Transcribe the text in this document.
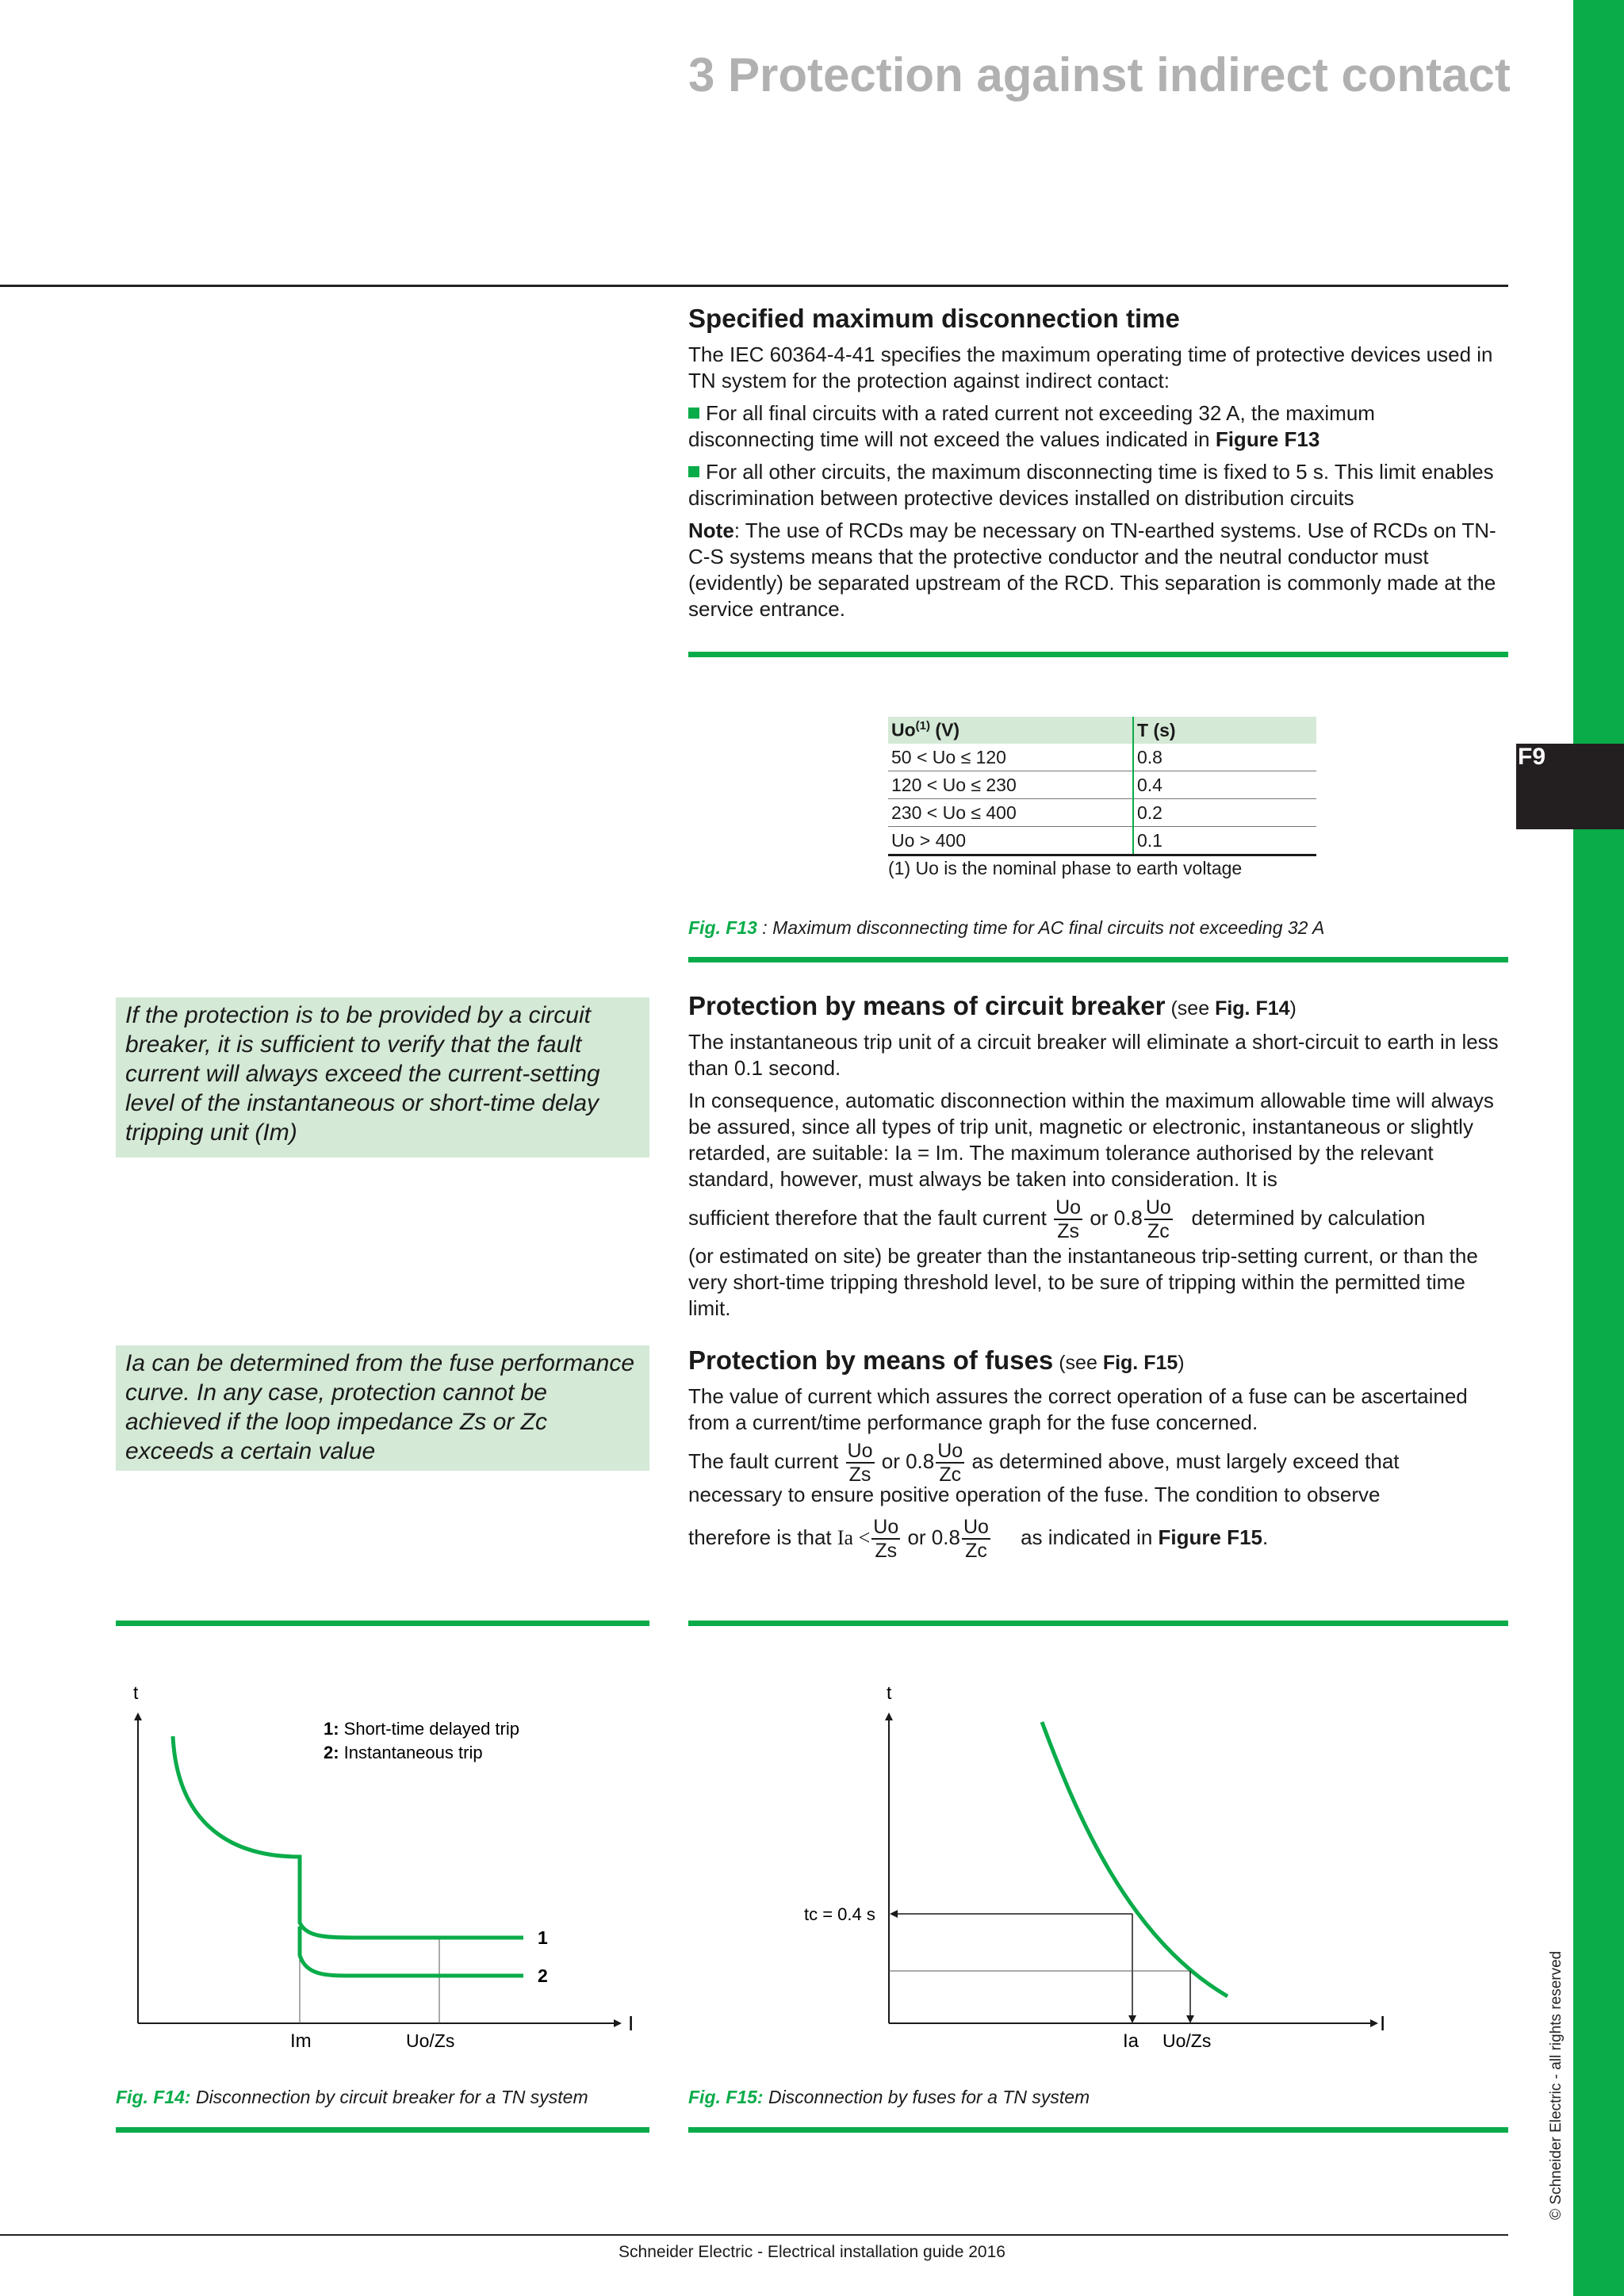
F9
© Schneider Electric - all rights reserved
3 Protection against indirect contact
Specified maximum disconnection time

The IEC 60364-4-41 specifies the maximum operating time of protective devices used in TN system for the protection against indirect contact:

For all final circuits with a rated current not exceeding 32 A, the maximum disconnecting time will not exceed the values indicated in Figure F13

For all other circuits, the maximum disconnecting time is fixed to 5 s. This limit enables discrimination between protective devices installed on distribution circuits

Note: The use of RCDs may be necessary on TN-earthed systems. Use of RCDs on TN-C-S systems means that the protective conductor and the neutral conductor must (evidently) be separated upstream of the RCD. This separation is commonly made at the service entrance.

Uo$^{(1)}$ (V)	T (s)
50 < Uo ≤ 120	0.8
120 < Uo ≤ 230	0.4
230 < Uo ≤ 400	0.2
Uo > 400	0.1
(1) Uo is the nominal phase to earth voltage
Fig. F13 : Maximum disconnecting time for AC final circuits not exceeding 32 A
If the protection is to be provided by a circuit breaker, it is sufficient to verify that the fault current will always exceed the current-setting level of the instantaneous or short-time delay tripping unit (Im)
Protection by means of circuit breaker (see Fig. F14)

The instantaneous trip unit of a circuit breaker will eliminate a short-circuit to earth in less than 0.1 second.

In consequence, automatic disconnection within the maximum allowable time will always be assured, since all types of trip unit, magnetic or electronic, instantaneous or slightly retarded, are suitable: Ia = Im. The maximum tolerance authorised by the relevant standard, however, must always be taken into consideration. It is

sufficient therefore that the fault current $\frac{Uo}{Zs}$ or $0.8 \frac{Uo}{Zc}$ determined by calculation

(or estimated on site) be greater than the instantaneous trip-setting current, or than the very short-time tripping threshold level, to be sure of tripping within the permitted time limit.

Ia can be determined from the fuse performance curve. In any case, protection cannot be achieved if the loop impedance Zs or Zc exceeds a certain value
Protection by means of fuses (see Fig. F15)

The value of current which assures the correct operation of a fuse can be ascertained from a current/time performance graph for the fuse concerned.

The fault current $\frac{Uo}{Zs}$ or $0.8 \frac{Uo}{Zc}$ as determined above, must largely exceed that
necessary to ensure positive operation of the fuse. The condition to observe
therefore is that $Ia < \frac{Uo}{Zs}$ or $0.8 \frac{Uo}{Zc}$ as indicated in Figure F15.
t
I
1: Short-time delayed trip
2: Instantaneous trip
1
2
Im	Uo/Zs
Fig. F14: Disconnection by circuit breaker for a TN system
t
I
tc = 0.4 s
Ia Uo/Zs
Fig. F15: Disconnection by fuses for a TN system
Schneider Electric - Electrical installation guide 2016
